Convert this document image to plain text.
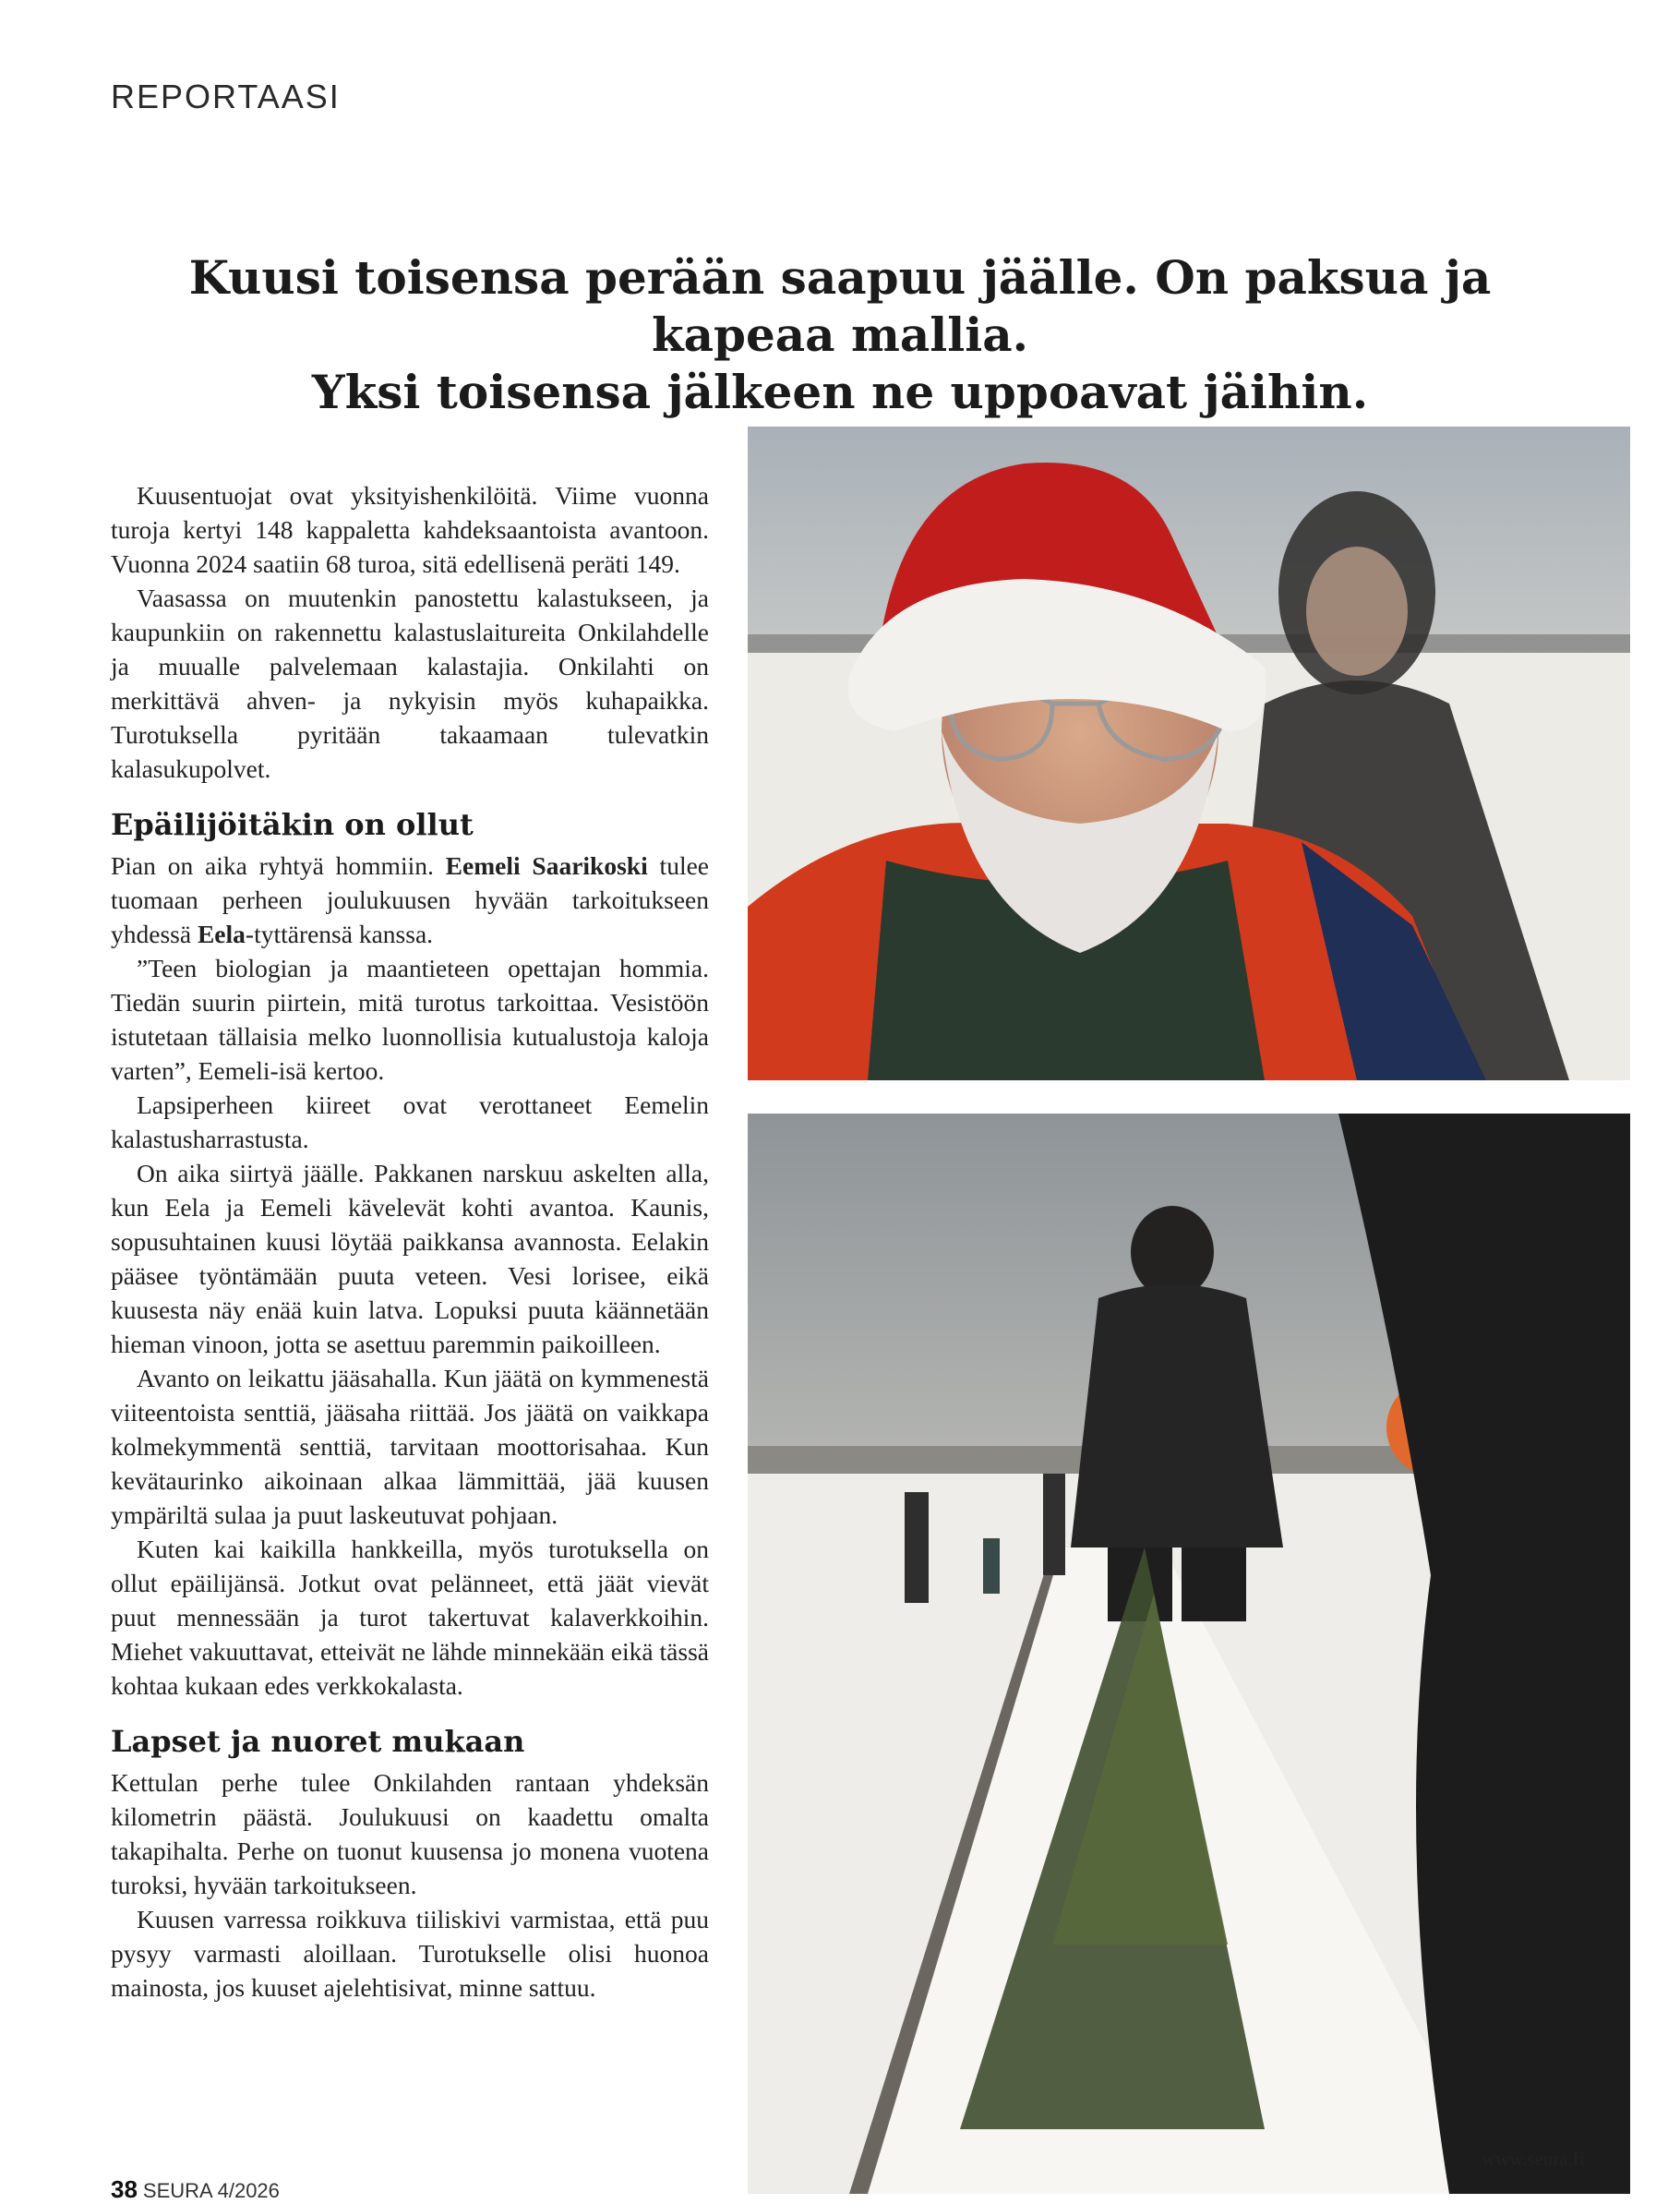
REPORTAASI
Kuusi toisensa perään saapuu jäälle. On paksua ja kapeaa mallia.
Yksi toisensa jälkeen ne uppoavat jäihin.

Kuusentuojat ovat yksityishenkilöitä. Viime vuonna turoja kertyi 148 kappaletta kahdeksaantoista avantoon. Vuonna 2024 saatiin 68 turoa, sitä edellisenä peräti 149.

Vaasassa on muutenkin panostettu kalastukseen, ja kaupunkiin on rakennettu kalastuslaitureita Onkilahdelle ja muualle palvelemaan kalastajia. Onkilahti on merkittävä ahven- ja nykyisin myös kuhapaikka. Turotuksella pyritään takaamaan tulevatkin kalasukupolvet.

Epäilijöitäkin on ollut

Pian on aika ryhtyä hommiin. Eemeli Saarikoski tulee tuomaan perheen joulukuusen hyvään tarkoitukseen yhdessä Eela-tyttärensä kanssa.

”Teen biologian ja maantieteen opettajan hommia. Tiedän suurin piirtein, mitä turotus tarkoittaa. Vesistöön istutetaan tällaisia melko luonnollisia kutualustoja kaloja varten”, Eemeli-isä kertoo.

Lapsiperheen kiireet ovat verottaneet Eemelin kalastusharrastusta.

On aika siirtyä jäälle. Pakkanen narskuu askelten alla, kun Eela ja Eemeli kävelevät kohti avantoa. Kaunis, sopusuhtainen kuusi löytää paikkansa avannosta. Eelakin pääsee työntämään puuta veteen. Vesi lorisee, eikä kuusesta näy enää kuin latva. Lopuksi puuta käännetään hieman vinoon, jotta se asettuu paremmin paikoilleen.

Avanto on leikattu jääsahalla. Kun jäätä on kymmenestä viiteentoista senttiä, jääsaha riittää. Jos jäätä on vaikkapa kolmekymmentä senttiä, tarvitaan moottorisahaa. Kun kevätaurinko aikoinaan alkaa lämmittää, jää kuusen ympäriltä sulaa ja puut laskeutuvat pohjaan.

Kuten kai kaikilla hankkeilla, myös turotuksella on ollut epäilijänsä. Jotkut ovat pelänneet, että jäät vievät puut mennessään ja turot takertuvat kalaverkkoihin. Miehet vakuuttavat, etteivät ne lähde minnekään eikä tässä kohtaa kukaan edes verkkokalasta.

Lapset ja nuoret mukaan

Kettulan perhe tulee Onkilahden rantaan yhdeksän kilometrin päästä. Joulukuusi on kaadettu omalta takapihalta. Perhe on tuonut kuusensa jo monena vuotena turoksi, hyvään tarkoitukseen.

Kuusen varressa roikkuva tiiliskivi varmistaa, että puu pysyy varmasti aloillaan. Turotukselle olisi huonoa mainosta, jos kuuset ajelehtisivat, minne sattuu.

38 SEURA 4/2026
www.seura.fi
